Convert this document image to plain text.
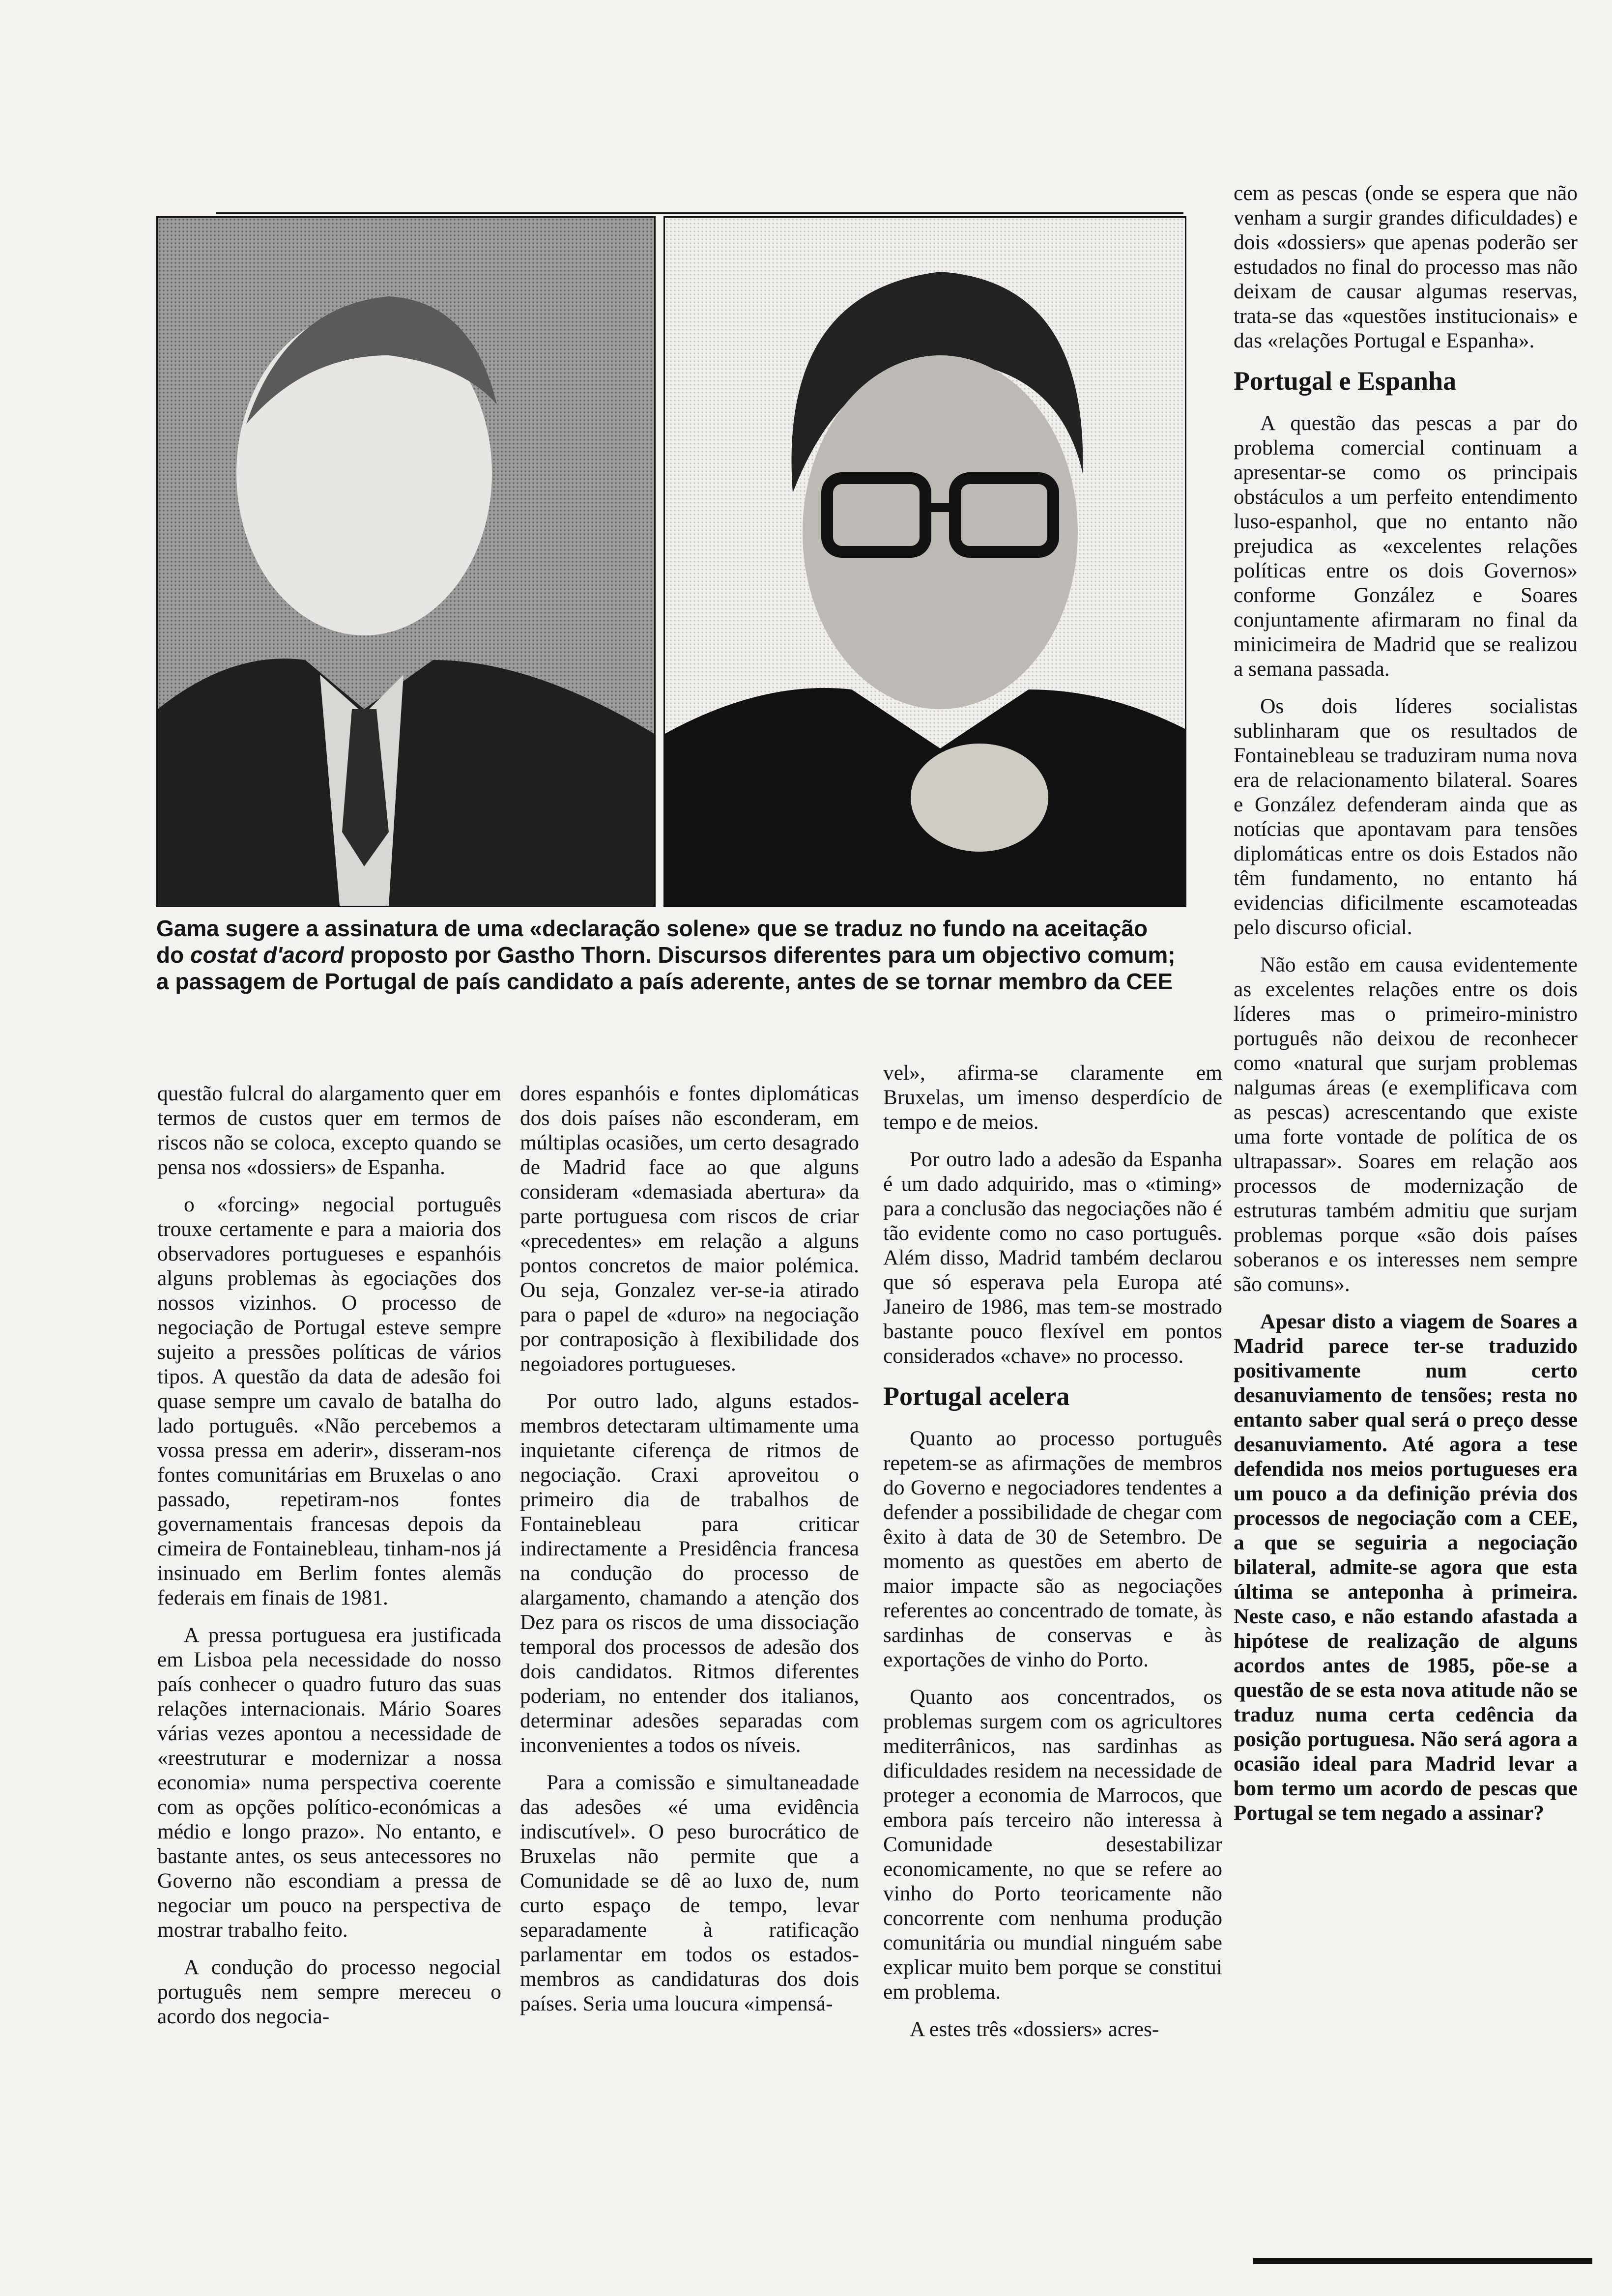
Gama sugere a assinatura de uma «declaração solene» que se traduz no fundo na aceitação

do costat d'acord proposto por Gastho Thorn. Discursos diferentes para um objectivo comum;

a passagem de Portugal de país candidato a país aderente, antes de se tornar membro da CEE

questão fulcral do alargamento quer em termos de custos quer em termos de riscos não se coloca, excepto quando se pensa nos «dossiers» de Espanha.

o «forcing» negocial português trouxe certamente e para a maioria dos observadores portugueses e espanhóis alguns problemas às egociações dos nossos vizinhos. O processo de negociação de Portugal esteve sempre sujeito a pressões políticas de vários tipos. A questão da data de adesão foi quase sempre um cavalo de batalha do lado português. «Não percebemos a vossa pressa em aderir», disseram-nos fontes comunitárias em Bruxelas o ano passado, repetiram-nos fontes governamentais francesas depois da cimeira de Fontainebleau, tinham-nos já insinuado em Berlim fontes alemãs federais em finais de 1981.

A pressa portuguesa era justificada em Lisboa pela necessidade do nosso país conhecer o quadro futuro das suas relações internacionais. Mário Soares várias vezes apontou a necessidade de «reestruturar e modernizar a nossa economia» numa perspectiva coerente com as opções político-económicas a médio e longo prazo». No entanto, e bastante antes, os seus antecessores no Governo não escondiam a pressa de negociar um pouco na perspectiva de mostrar trabalho feito.

A condução do processo negocial português nem sempre mereceu o acordo dos negocia-

dores espanhóis e fontes diplomáticas dos dois países não esconderam, em múltiplas ocasiões, um certo desagrado de Madrid face ao que alguns consideram «demasiada abertura» da parte portuguesa com riscos de criar «precedentes» em relação a alguns pontos concretos de maior polémica. Ou seja, Gonzalez ver-se-ia atirado para o papel de «duro» na negociação por contraposição à flexibilidade dos negoiadores portugueses.

Por outro lado, alguns estados-membros detectaram ultimamente uma inquietante ciferença de ritmos de negociação. Craxi aproveitou o primeiro dia de trabalhos de Fontainebleau para criticar indirectamente a Presidência francesa na condução do processo de alargamento, chamando a atenção dos Dez para os riscos de uma dissociação temporal dos processos de adesão dos dois candidatos. Ritmos diferentes poderiam, no entender dos italianos, determinar adesões separadas com inconvenientes a todos os níveis.

Para a comissão e simultaneadade das adesões «é uma evidência indiscutível». O peso burocrático de Bruxelas não permite que a Comunidade se dê ao luxo de, num curto espaço de tempo, levar separadamente à ratificação parlamentar em todos os estados-membros as candidaturas dos dois países. Seria uma loucura «impensá-

vel», afirma-se claramente em Bruxelas, um imenso desperdício de tempo e de meios.

Por outro lado a adesão da Espanha é um dado adquirido, mas o «timing» para a conclusão das negociações não é tão evidente como no caso português. Além disso, Madrid também declarou que só esperava pela Europa até Janeiro de 1986, mas tem-se mostrado bastante pouco flexível em pontos considerados «chave» no processo.

Portugal acelera

Quanto ao processo português repetem-se as afirmações de membros do Governo e negociadores tendentes a defender a possibilidade de chegar com êxito à data de 30 de Setembro. De momento as questões em aberto de maior impacte são as negociações referentes ao concentrado de tomate, às sardinhas de conservas e às exportações de vinho do Porto.

Quanto aos concentrados, os problemas surgem com os agricultores mediterrânicos, nas sardinhas as dificuldades residem na necessidade de proteger a economia de Marrocos, que embora país terceiro não interessa à Comunidade desestabilizar economicamente, no que se refere ao vinho do Porto teoricamente não concorrente com nenhuma produção comunitária ou mundial ninguém sabe explicar muito bem porque se constitui em problema.

A estes três «dossiers» acres-

cem as pescas (onde se espera que não venham a surgir grandes dificuldades) e dois «dossiers» que apenas poderão ser estudados no final do processo mas não deixam de causar algumas reservas, trata-se das «questões institucionais» e das «relações Portugal e Espanha».

Portugal e Espanha

A questão das pescas a par do problema comercial continuam a apresentar-se como os principais obstáculos a um perfeito entendimento luso-espanhol, que no entanto não prejudica as «excelentes relações políticas entre os dois Governos» conforme González e Soares conjuntamente afirmaram no final da minicimeira de Madrid que se realizou a semana passada.

Os dois líderes socialistas sublinharam que os resultados de Fontainebleau se traduziram numa nova era de relacionamento bilateral. Soares e González defenderam ainda que as notícias que apontavam para tensões diplomáticas entre os dois Estados não têm fundamento, no entanto há evidencias dificilmente escamoteadas pelo discurso oficial.

Não estão em causa evidentemente as excelentes relações entre os dois líderes mas o primeiro-ministro português não deixou de reconhecer como «natural que surjam problemas nalgumas áreas (e exemplificava com as pescas) acrescentando que existe uma forte vontade de política de os ultrapassar». Soares em relação aos processos de modernização de estruturas também admitiu que surjam problemas porque «são dois países soberanos e os interesses nem sempre são comuns».

Apesar disto a viagem de Soares a Madrid parece ter-se traduzido positivamente num certo desanuviamento de tensões; resta no entanto saber qual será o preço desse desanuviamento. Até agora a tese defendida nos meios portugueses era um pouco a da definição prévia dos processos de negociação com a CEE, a que se seguiria a negociação bilateral, admite-se agora que esta última se anteponha à primeira. Neste caso, e não estando afastada a hipótese de realização de alguns acordos antes de 1985, põe-se a questão de se esta nova atitude não se traduz numa certa cedência da posição portuguesa. Não será agora a ocasião ideal para Madrid levar a bom termo um acordo de pescas que Portugal se tem negado a assinar?
